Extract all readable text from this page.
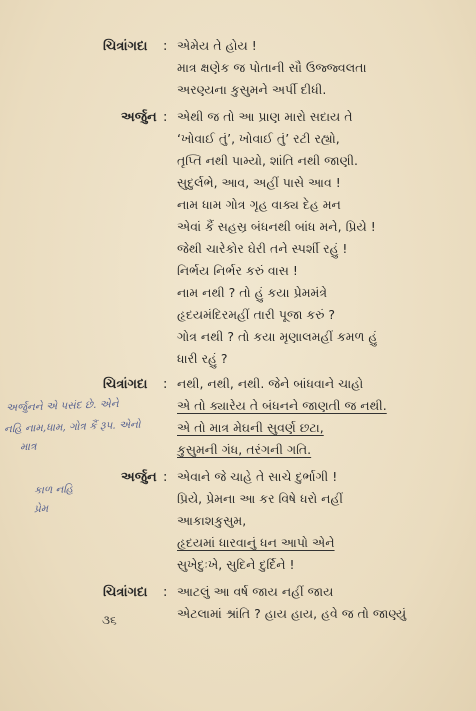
ચિત્રાંગદા : એમેય તે હોય !
માત્ર ક્ષણેક જ પોતાની સૌ ઉજ્જ્વલતા
અરણ્યના કુસુમને અર્પી દીધી.
અર્જુન : એથી જ તો આ પ્રાણ મારો સદાય તે
‘ખોવાઈ તું’, ખોવાઈ તું’ રટી રહ્યો,
તૃપ્તિ નથી પામ્યો, શાંતિ નથી જાણી.
સુદુર્લભે, આવ, અહીં પાસે આવ !
નામ ધામ ગોત્ર ગૃહ વાક્ય દેહ મન
એવાં કૈં સહસ્ર બંધનથી બાંધ મને, પ્રિયે !
જેથી ચારેકોર ઘેરી તને સ્પર્શી રહું !
નિર્ભય નિર્ભર કરું વાસ !
નામ નથી ? તો હું કયા પ્રેમમંત્રે
હૃદયમંદિરમહીં તારી પૂજા કરું ?
ગોત્ર નથી ? તો કયા મૃણાલમહીં કમળ હું
ધારી રહું ?
ચિત્રાંગદા : નથી, નથી, નથી. જેને બાંધવાને ચાહો
એ તો ક્યારેય તે બંધનને જાણતી જ નથી.
એ તો માત્ર મેઘની સુવર્ણ છટા,
કુસુમની ગંધ, તરંગની ગતિ.
અર્જુન : એવાને જે ચાહે તે સાચે દુર્ભાગી !
પ્રિયે, પ્રેમના આ કર વિષે ધરો નહીં
આકાશકુસુમ,
હૃદયમાં ધારવાનું ધન આપો એને
સુખેદુઃખે, સુદિને દુર્દિને !
ચિત્રાંગદા : આટલું આ વર્ષ જાય નહીં જાય
એટલામાં શ્રાંતિ ? હાય હાય, હવે જ તો જાણ્યું
અર્જુનને એ પસંદ છે. એને
નહિ નામ,ધામ, ગોત્ર કૈં રૂપ. એનો
માત્ર
કાળ નહિ
પ્રેમ
૩૬
